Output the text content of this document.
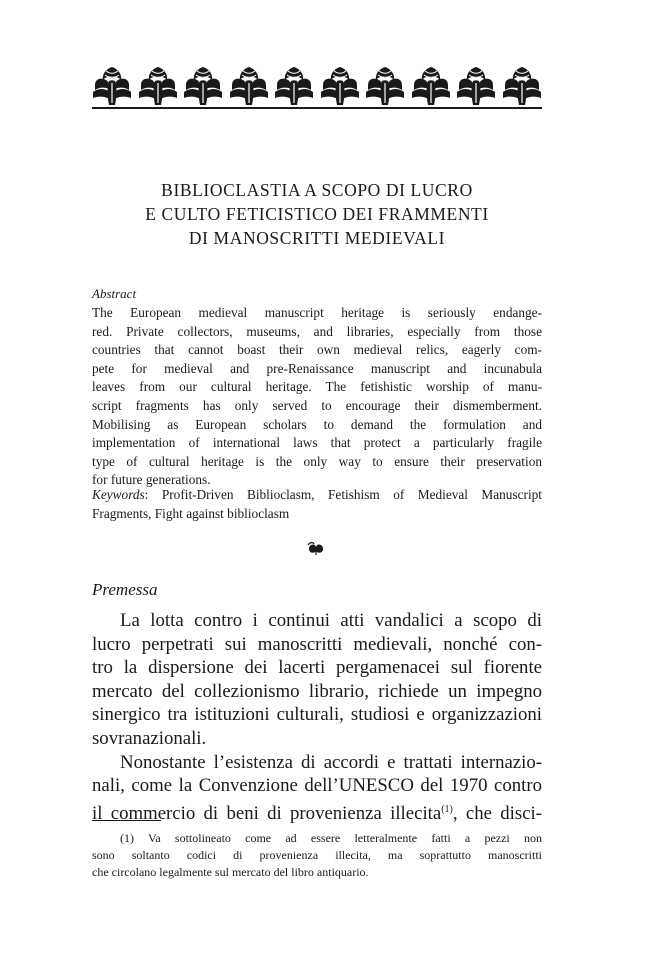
BIBLIOCLASTIA A SCOPO DI LUCRO
E CULTO FETICISTICO DEI FRAMMENTI
DI MANOSCRITTI MEDIEVALI
Abstract
The European medieval manuscript heritage is seriously endange-
red. Private collectors, museums, and libraries, especially from those
countries that cannot boast their own medieval relics, eagerly com-
pete for medieval and pre-Renaissance manuscript and incunabula
leaves from our cultural heritage. The fetishistic worship of manu-
script fragments has only served to encourage their dismemberment.
Mobilising as European scholars to demand the formulation and
implementation of international laws that protect a particularly fragile
type of cultural heritage is the only way to ensure their preservation
for future generations.
Keywords: Profit-Driven Biblioclasm, Fetishism of Medieval Manuscript
Fragments, Fight against biblioclasm
Premessa
La lotta contro i continui atti vandalici a scopo di
lucro perpetrati sui manoscritti medievali, nonché con-
tro la dispersione dei lacerti pergamenacei sul fiorente
mercato del collezionismo librario, richiede un impegno
sinergico tra istituzioni culturali, studiosi e organizzazioni
sovranazionali.
Nonostante l’esistenza di accordi e trattati internazio-
nali, come la Convenzione dell’UNESCO del 1970 contro
il commercio di beni di provenienza illecita$^{(1)}$, che disci-
(1) Va sottolineato come ad essere letteralmente fatti a pezzi non
sono soltanto codici di provenienza illecita, ma soprattutto manoscritti
che circolano legalmente sul mercato del libro antiquario.
